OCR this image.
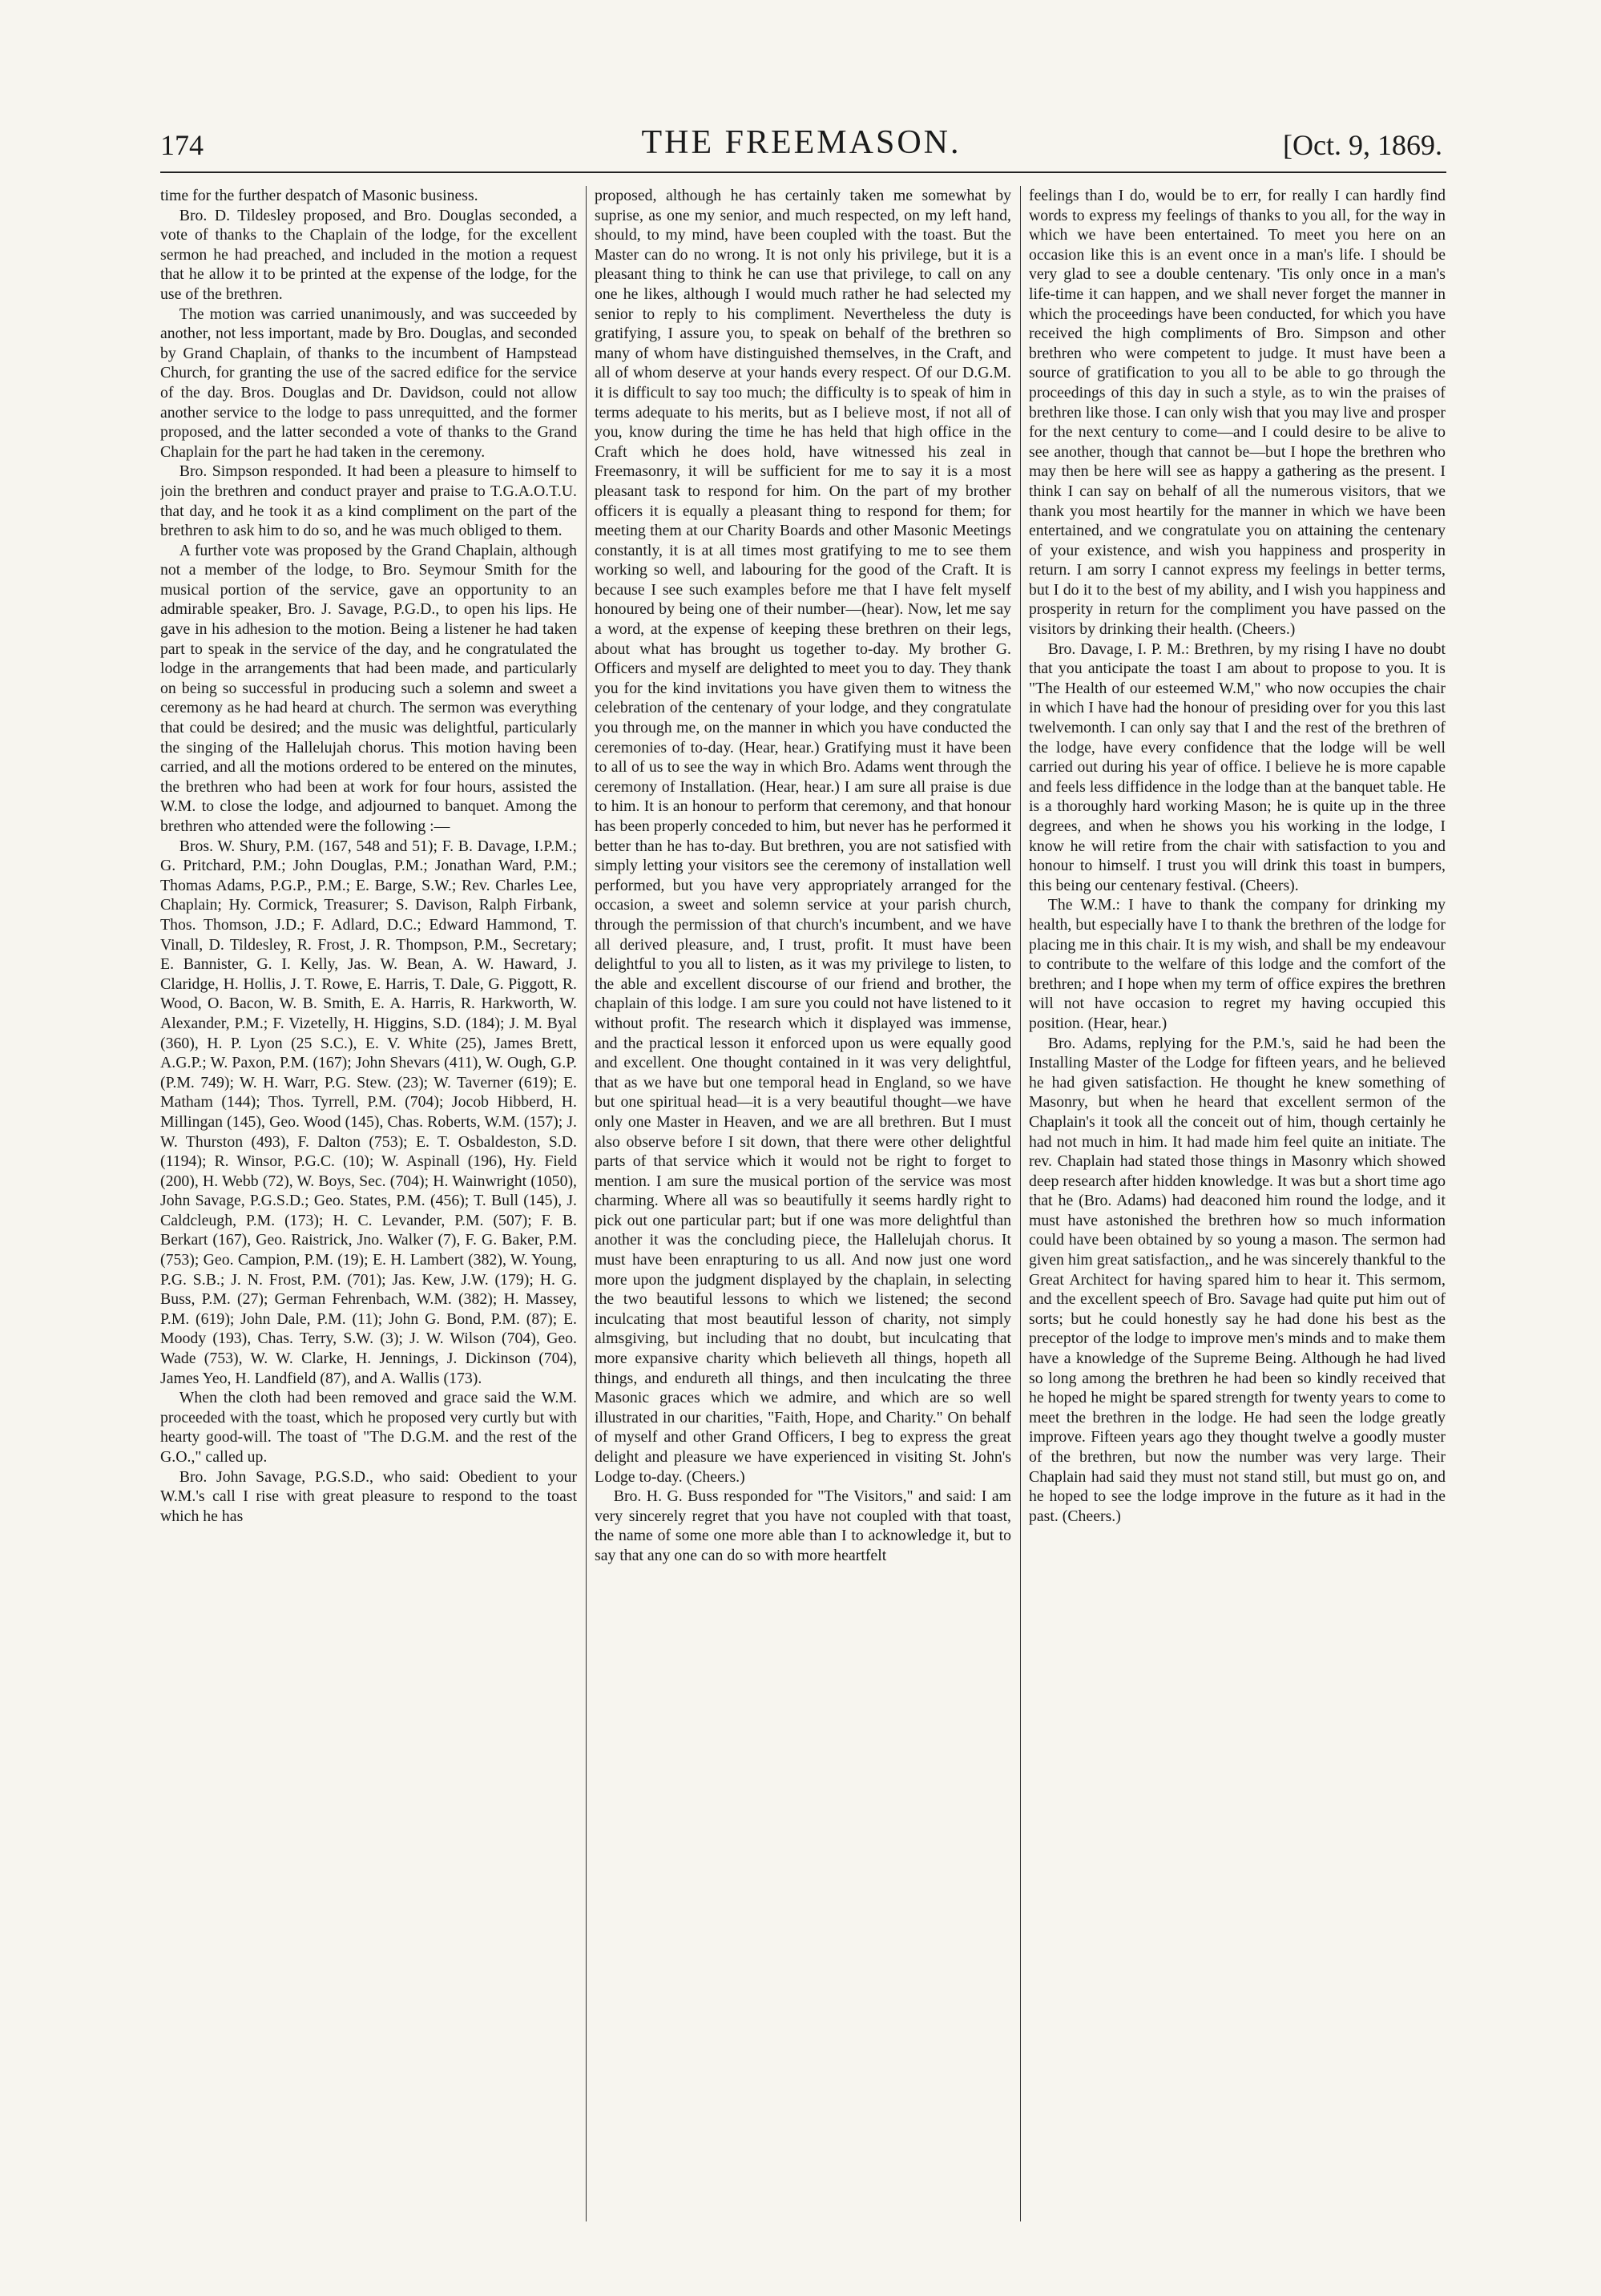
174	THE FREEMASON.	[Oct. 9, 1869.

time for the further despatch of Masonic business.

Bro. D. Tildesley proposed, and Bro. Douglas seconded, a vote of thanks to the Chaplain of the lodge, for the excellent sermon he had preached, and included in the motion a request that he allow it to be printed at the expense of the lodge, for the use of the brethren.

The motion was carried unanimously, and was succeeded by another, not less important, made by Bro. Douglas, and seconded by Grand Chaplain, of thanks to the incumbent of Hampstead Church, for granting the use of the sacred edifice for the service of the day. Bros. Douglas and Dr. Davidson, could not allow another service to the lodge to pass unrequitted, and the former proposed, and the latter seconded a vote of thanks to the Grand Chaplain for the part he had taken in the ceremony.

Bro. Simpson responded. It had been a pleasure to himself to join the brethren and conduct prayer and praise to T.G.A.O.T.U. that day, and he took it as a kind compliment on the part of the brethren to ask him to do so, and he was much obliged to them.

A further vote was proposed by the Grand Chaplain, although not a member of the lodge, to Bro. Seymour Smith for the musical portion of the service, gave an opportunity to an admirable speaker, Bro. J. Savage, P.G.D., to open his lips. He gave in his adhesion to the motion. Being a listener he had taken part to speak in the service of the day, and he congratulated the lodge in the arrangements that had been made, and particularly on being so successful in producing such a solemn and sweet a ceremony as he had heard at church. The sermon was everything that could be desired; and the music was delightful, particularly the singing of the Hallelujah chorus. This motion having been carried, and all the motions ordered to be entered on the minutes, the brethren who had been at work for four hours, assisted the W.M. to close the lodge, and adjourned to banquet. Among the brethren who attended were the following :—

Bros. W. Shury, P.M. (167, 548 and 51); F. B. Davage, I.P.M.; G. Pritchard, P.M.; John Douglas, P.M.; Jonathan Ward, P.M.; Thomas Adams, P.G.P., P.M.; E. Barge, S.W.; Rev. Charles Lee, Chaplain; Hy. Cormick, Treasurer; S. Davison, Ralph Firbank, Thos. Thomson, J.D.; F. Adlard, D.C.; Edward Hammond, T. Vinall, D. Tildesley, R. Frost, J. R. Thompson, P.M., Secretary; E. Bannister, G. I. Kelly, Jas. W. Bean, A. W. Haward, J. Claridge, H. Hollis, J. T. Rowe, E. Harris, T. Dale, G. Piggott, R. Wood, O. Bacon, W. B. Smith, E. A. Harris, R. Harkworth, W. Alexander, P.M.; F. Vizetelly, H. Higgins, S.D. (184); J. M. Byal (360), H. P. Lyon (25 S.C.), E. V. White (25), James Brett, A.G.P.; W. Paxon, P.M. (167); John Shevars (411), W. Ough, G.P. (P.M. 749); W. H. Warr, P.G. Stew. (23); W. Taverner (619); E. Matham (144); Thos. Tyrrell, P.M. (704); Jocob Hibberd, H. Millingan (145), Geo. Wood (145), Chas. Roberts, W.M. (157); J. W. Thurston (493), F. Dalton (753); E. T. Osbaldeston, S.D. (1194); R. Winsor, P.G.C. (10); W. Aspinall (196), Hy. Field (200), H. Webb (72), W. Boys, Sec. (704); H. Wainwright (1050), John Savage, P.G.S.D.; Geo. States, P.M. (456); T. Bull (145), J. Caldcleugh, P.M. (173); H. C. Levander, P.M. (507); F. B. Berkart (167), Geo. Raistrick, Jno. Walker (7), F. G. Baker, P.M. (753); Geo. Campion, P.M. (19); E. H. Lambert (382), W. Young, P.G. S.B.; J. N. Frost, P.M. (701); Jas. Kew, J.W. (179); H. G. Buss, P.M. (27); German Fehrenbach, W.M. (382); H. Massey, P.M. (619); John Dale, P.M. (11); John G. Bond, P.M. (87); E. Moody (193), Chas. Terry, S.W. (3); J. W. Wilson (704), Geo. Wade (753), W. W. Clarke, H. Jennings, J. Dickinson (704), James Yeo, H. Landfield (87), and A. Wallis (173).

When the cloth had been removed and grace said the W.M. proceeded with the toast, which he proposed very curtly but with hearty good-will. The toast of "The D.G.M. and the rest of the G.O.," called up.

Bro. John Savage, P.G.S.D., who said: Obedient to your W.M.'s call I rise with great pleasure to respond to the toast which he has

proposed, although he has certainly taken me somewhat by suprise, as one my senior, and much respected, on my left hand, should, to my mind, have been coupled with the toast. But the Master can do no wrong. It is not only his privilege, but it is a pleasant thing to think he can use that privilege, to call on any one he likes, although I would much rather he had selected my senior to reply to his compliment. Nevertheless the duty is gratifying, I assure you, to speak on behalf of the brethren so many of whom have distinguished themselves, in the Craft, and all of whom deserve at your hands every respect. Of our D.G.M. it is difficult to say too much; the difficulty is to speak of him in terms adequate to his merits, but as I believe most, if not all of you, know during the time he has held that high office in the Craft which he does hold, have witnessed his zeal in Freemasonry, it will be sufficient for me to say it is a most pleasant task to respond for him. On the part of my brother officers it is equally a pleasant thing to respond for them; for meeting them at our Charity Boards and other Masonic Meetings constantly, it is at all times most gratifying to me to see them working so well, and labouring for the good of the Craft. It is because I see such examples before me that I have felt myself honoured by being one of their number—(hear). Now, let me say a word, at the expense of keeping these brethren on their legs, about what has brought us together to-day. My brother G. Officers and myself are delighted to meet you to day. They thank you for the kind invitations you have given them to witness the celebration of the centenary of your lodge, and they congratulate you through me, on the manner in which you have conducted the ceremonies of to-day. (Hear, hear.) Gratifying must it have been to all of us to see the way in which Bro. Adams went through the ceremony of Installation. (Hear, hear.) I am sure all praise is due to him. It is an honour to perform that ceremony, and that honour has been properly conceded to him, but never has he performed it better than he has to-day. But brethren, you are not satisfied with simply letting your visitors see the ceremony of installation well performed, but you have very appropriately arranged for the occasion, a sweet and solemn service at your parish church, through the permission of that church's incumbent, and we have all derived pleasure, and, I trust, profit. It must have been delightful to you all to listen, as it was my privilege to listen, to the able and excellent discourse of our friend and brother, the chaplain of this lodge. I am sure you could not have listened to it without profit. The research which it displayed was immense, and the practical lesson it enforced upon us were equally good and excellent. One thought contained in it was very delightful, that as we have but one temporal head in England, so we have but one spiritual head—it is a very beautiful thought—we have only one Master in Heaven, and we are all brethren. But I must also observe before I sit down, that there were other delightful parts of that service which it would not be right to forget to mention. I am sure the musical portion of the service was most charming. Where all was so beautifully it seems hardly right to pick out one particular part; but if one was more delightful than another it was the concluding piece, the Hallelujah chorus. It must have been enrapturing to us all. And now just one word more upon the judgment displayed by the chaplain, in selecting the two beautiful lessons to which we listened; the second inculcating that most beautiful lesson of charity, not simply almsgiving, but including that no doubt, but inculcating that more expansive charity which believeth all things, hopeth all things, and endureth all things, and then inculcating the three Masonic graces which we admire, and which are so well illustrated in our charities, "Faith, Hope, and Charity." On behalf of myself and other Grand Officers, I beg to express the great delight and pleasure we have experienced in visiting St. John's Lodge to-day. (Cheers.)

Bro. H. G. Buss responded for "The Visitors," and said: I am very sincerely regret that you have not coupled with that toast, the name of some one more able than I to acknowledge it, but to say that any one can do so with more heartfelt

feelings than I do, would be to err, for really I can hardly find words to express my feelings of thanks to you all, for the way in which we have been entertained. To meet you here on an occasion like this is an event once in a man's life. I should be very glad to see a double centenary. 'Tis only once in a man's life-time it can happen, and we shall never forget the manner in which the proceedings have been conducted, for which you have received the high compliments of Bro. Simpson and other brethren who were competent to judge. It must have been a source of gratification to you all to be able to go through the proceedings of this day in such a style, as to win the praises of brethren like those. I can only wish that you may live and prosper for the next century to come—and I could desire to be alive to see another, though that cannot be—but I hope the brethren who may then be here will see as happy a gathering as the present. I think I can say on behalf of all the numerous visitors, that we thank you most heartily for the manner in which we have been entertained, and we congratulate you on attaining the centenary of your existence, and wish you happiness and prosperity in return. I am sorry I cannot express my feelings in better terms, but I do it to the best of my ability, and I wish you happiness and prosperity in return for the compliment you have passed on the visitors by drinking their health. (Cheers.)

Bro. Davage, I. P. M.: Brethren, by my rising I have no doubt that you anticipate the toast I am about to propose to you. It is "The Health of our esteemed W.M," who now occupies the chair in which I have had the honour of presiding over for you this last twelvemonth. I can only say that I and the rest of the brethren of the lodge, have every confidence that the lodge will be well carried out during his year of office. I believe he is more capable and feels less diffidence in the lodge than at the banquet table. He is a thoroughly hard working Mason; he is quite up in the three degrees, and when he shows you his working in the lodge, I know he will retire from the chair with satisfaction to you and honour to himself. I trust you will drink this toast in bumpers, this being our centenary festival. (Cheers).

The W.M.: I have to thank the company for drinking my health, but especially have I to thank the brethren of the lodge for placing me in this chair. It is my wish, and shall be my endeavour to contribute to the welfare of this lodge and the comfort of the brethren; and I hope when my term of office expires the brethren will not have occasion to regret my having occupied this position. (Hear, hear.)

Bro. Adams, replying for the P.M.'s, said he had been the Installing Master of the Lodge for fifteen years, and he believed he had given satisfaction. He thought he knew something of Masonry, but when he heard that excellent sermon of the Chaplain's it took all the conceit out of him, though certainly he had not much in him. It had made him feel quite an initiate. The rev. Chaplain had stated those things in Masonry which showed deep research after hidden knowledge. It was but a short time ago that he (Bro. Adams) had deaconed him round the lodge, and it must have astonished the brethren how so much information could have been obtained by so young a mason. The sermon had given him great satisfaction,, and he was sincerely thankful to the Great Architect for having spared him to hear it. This sermom, and the excellent speech of Bro. Savage had quite put him out of sorts; but he could honestly say he had done his best as the preceptor of the lodge to improve men's minds and to make them have a knowledge of the Supreme Being. Although he had lived so long among the brethren he had been so kindly received that he hoped he might be spared strength for twenty years to come to meet the brethren in the lodge. He had seen the lodge greatly improve. Fifteen years ago they thought twelve a goodly muster of the brethren, but now the number was very large. Their Chaplain had said they must not stand still, but must go on, and he hoped to see the lodge improve in the future as it had in the past. (Cheers.)
